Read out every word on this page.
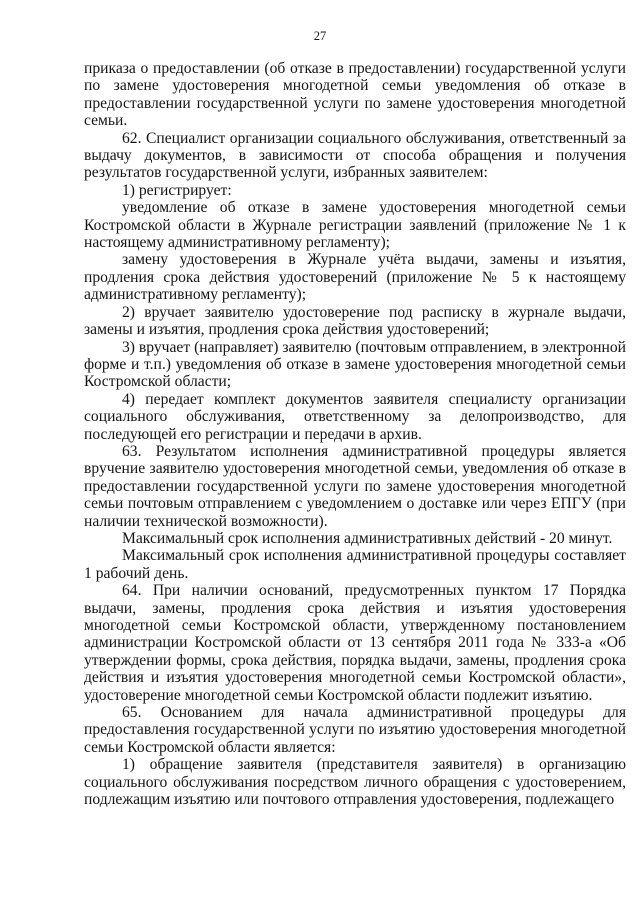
27

приказа о предоставлении (об отказе в предоставлении) государственной услуги по замене удостоверения многодетной семьи уведомления об отказе в предоставлении государственной услуги по замене удостоверения многодетной семьи.

62. Специалист организации социального обслуживания, ответственный за выдачу документов, в зависимости от способа обращения и получения результатов государственной услуги, избранных заявителем:

1) регистрирует:

уведомление об отказе в замене удостоверения многодетной семьи Костромской области в Журнале регистрации заявлений (приложение № 1 к настоящему административному регламенту);

замену удостоверения в Журнале учёта выдачи, замены и изъятия, продления срока действия удостоверений (приложение № 5 к настоящему административному регламенту);

2) вручает заявителю удостоверение под расписку в журнале выдачи, замены и изъятия, продления срока действия удостоверений;

3) вручает (направляет) заявителю (почтовым отправлением, в электронной форме и т.п.) уведомления об отказе в замене удостоверения многодетной семьи Костромской области;

4) передает комплект документов заявителя специалисту организации социального обслуживания, ответственному за делопроизводство, для последующей его регистрации и передачи в архив.

63. Результатом исполнения административной процедуры является вручение заявителю удостоверения многодетной семьи, уведомления об отказе в предоставлении государственной услуги по замене удостоверения многодетной семьи почтовым отправлением с уведомлением о доставке или через ЕПГУ (при наличии технической возможности).

Максимальный срок исполнения административных действий - 20 минут.

Максимальный срок исполнения административной процедуры составляет 1 рабочий день.

64. При наличии оснований, предусмотренных пунктом 17 Порядка выдачи, замены, продления срока действия и изъятия удостоверения многодетной семьи Костромской области, утвержденному постановлением администрации Костромской области от 13 сентября 2011 года № 333-а «Об утверждении формы, срока действия, порядка выдачи, замены, продления срока действия и изъятия удостоверения многодетной семьи Костромской области», удостоверение многодетной семьи Костромской области подлежит изъятию.

65. Основанием для начала административной процедуры для предоставления государственной услуги по изъятию удостоверения многодетной семьи Костромской области является:

1) обращение заявителя (представителя заявителя) в организацию социального обслуживания посредством личного обращения с удостоверением, подлежащим изъятию или почтового отправления удостоверения, подлежащего
